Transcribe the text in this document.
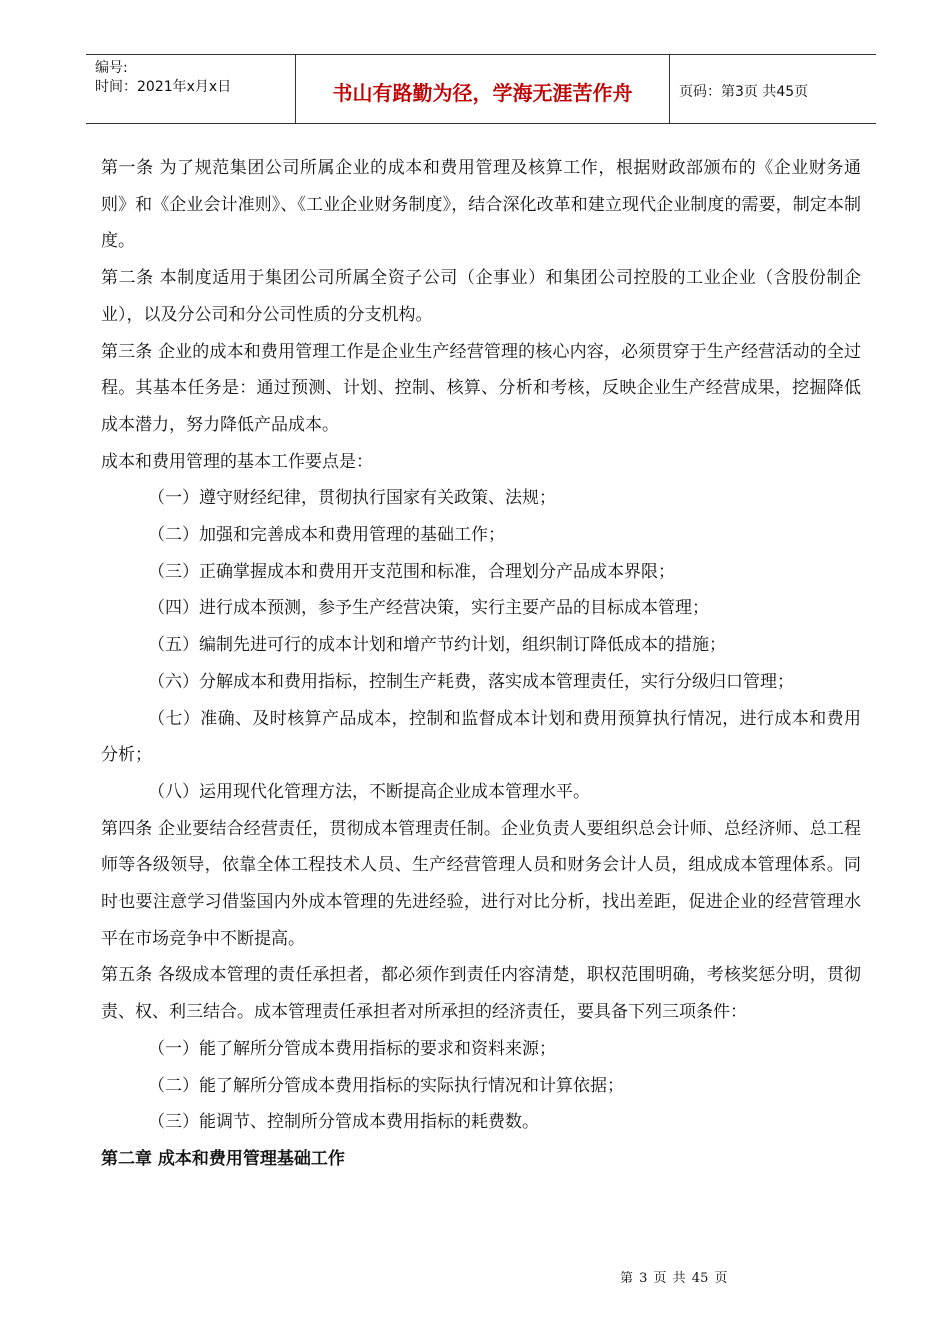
编号:
时间：2021年x月x日	书山有路勤为径，学海无涯苦作舟	页码：第3页 共45页

第一条 为了规范集团公司所属企业的成本和费用管理及核算工作，根据财政部颁布的《企业财务通则》和《企业会计准则》、《工业企业财务制度》，结合深化改革和建立现代企业制度的需要，制定本制度。

第二条 本制度适用于集团公司所属全资子公司（企事业）和集团公司控股的工业企业（含股份制企业），以及分公司和分公司性质的分支机构。

第三条 企业的成本和费用管理工作是企业生产经营管理的核心内容，必须贯穿于生产经营活动的全过程。其基本任务是：通过预测、计划、控制、核算、分析和考核，反映企业生产经营成果，挖掘降低成本潜力，努力降低产品成本。

成本和费用管理的基本工作要点是：

（一）遵守财经纪律，贯彻执行国家有关政策、法规；

（二）加强和完善成本和费用管理的基础工作；

（三）正确掌握成本和费用开支范围和标准，合理划分产品成本界限；

（四）进行成本预测，参予生产经营决策，实行主要产品的目标成本管理；

（五）编制先进可行的成本计划和增产节约计划，组织制订降低成本的措施；

（六）分解成本和费用指标，控制生产耗费，落实成本管理责任，实行分级归口管理；

（七）准确、及时核算产品成本，控制和监督成本计划和费用预算执行情况，进行成本和费用分析；

（八）运用现代化管理方法，不断提高企业成本管理水平。

第四条 企业要结合经营责任，贯彻成本管理责任制。企业负责人要组织总会计师、总经济师、总工程师等各级领导，依靠全体工程技术人员、生产经营管理人员和财务会计人员，组成成本管理体系。同时也要注意学习借鉴国内外成本管理的先进经验，进行对比分析，找出差距，促进企业的经营管理水平在市场竞争中不断提高。

第五条 各级成本管理的责任承担者，都必须作到责任内容清楚，职权范围明确，考核奖惩分明，贯彻责、权、利三结合。成本管理责任承担者对所承担的经济责任，要具备下列三项条件：

（一）能了解所分管成本费用指标的要求和资料来源；

（二）能了解所分管成本费用指标的实际执行情况和计算依据；

（三）能调节、控制所分管成本费用指标的耗费数。

第二章 成本和费用管理基础工作

第 3 页 共 45 页
